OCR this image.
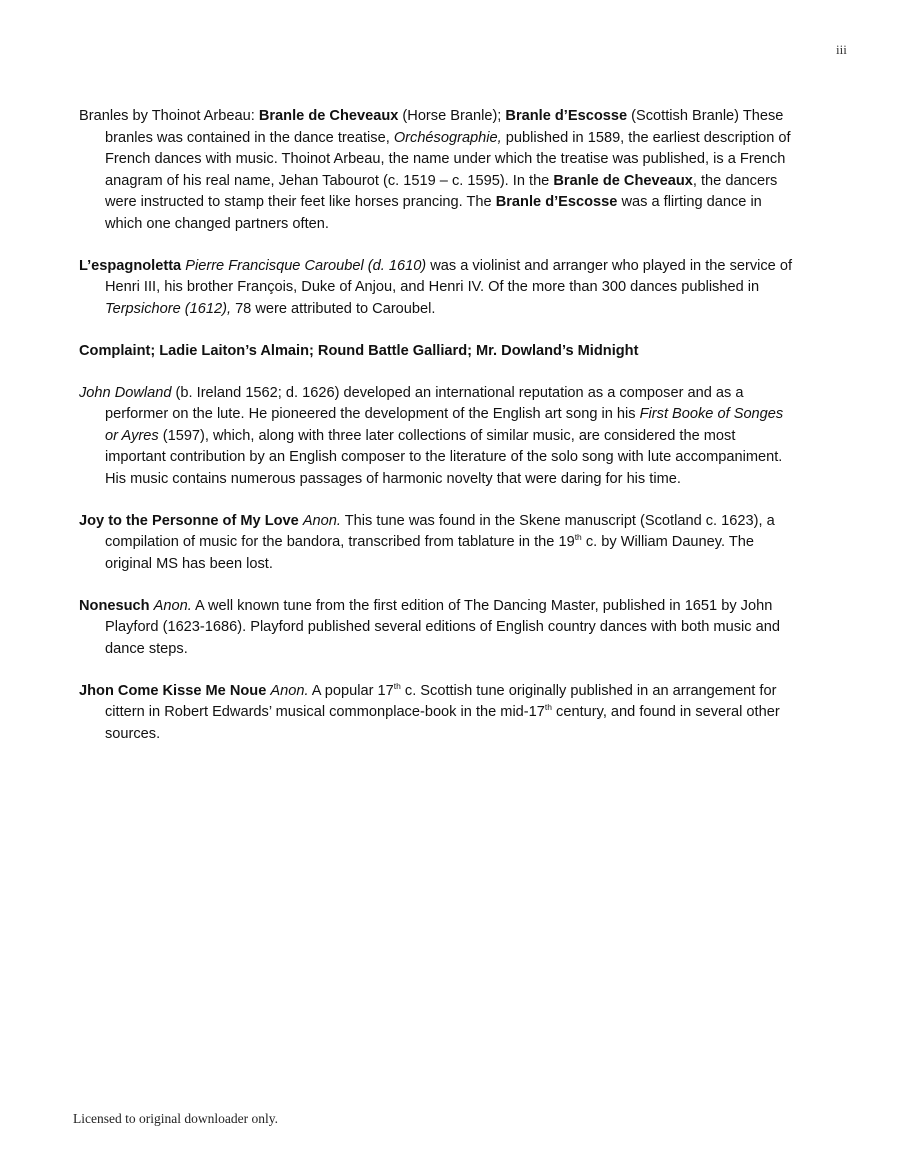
iii

Branles by Thoinot Arbeau: Branle de Cheveaux (Horse Branle); Branle d’Escosse (Scottish Branle) These branles was contained in the dance treatise, Orchésographie, published in 1589, the earliest description of French dances with music. Thoinot Arbeau, the name under which the treatise was published, is a French anagram of his real name, Jehan Tabourot (c. 1519 – c. 1595). In the Branle de Cheveaux, the dancers were instructed to stamp their feet like horses prancing. The Branle d’Escosse was a flirting dance in which one changed partners often.

L’espagnoletta Pierre Francisque Caroubel (d. 1610) was a violinist and arranger who played in the service of Henri III, his brother François, Duke of Anjou, and Henri IV. Of the more than 300 dances published in Terpsichore (1612), 78 were attributed to Caroubel.

Complaint; Ladie Laiton’s Almain; Round Battle Galliard; Mr. Dowland’s Midnight

John Dowland (b. Ireland 1562; d. 1626) developed an international reputation as a composer and as a performer on the lute. He pioneered the development of the English art song in his First Booke of Songes or Ayres (1597), which, along with three later collections of similar music, are considered the most important contribution by an English composer to the literature of the solo song with lute accompaniment. His music contains numerous passages of harmonic novelty that were daring for his time.

Joy to the Personne of My Love Anon. This tune was found in the Skene manuscript (Scotland c. 1623), a compilation of music for the bandora, transcribed from tablature in the 19th c. by William Dauney. The original MS has been lost.

Nonesuch Anon. A well known tune from the first edition of The Dancing Master, published in 1651 by John Playford (1623-1686). Playford published several editions of English country dances with both music and dance steps.

Jhon Come Kisse Me Noue Anon. A popular 17th c. Scottish tune originally published in an arrangement for cittern in Robert Edwards’ musical commonplace-book in the mid-17th century, and found in several other sources.

Licensed to original downloader only.
